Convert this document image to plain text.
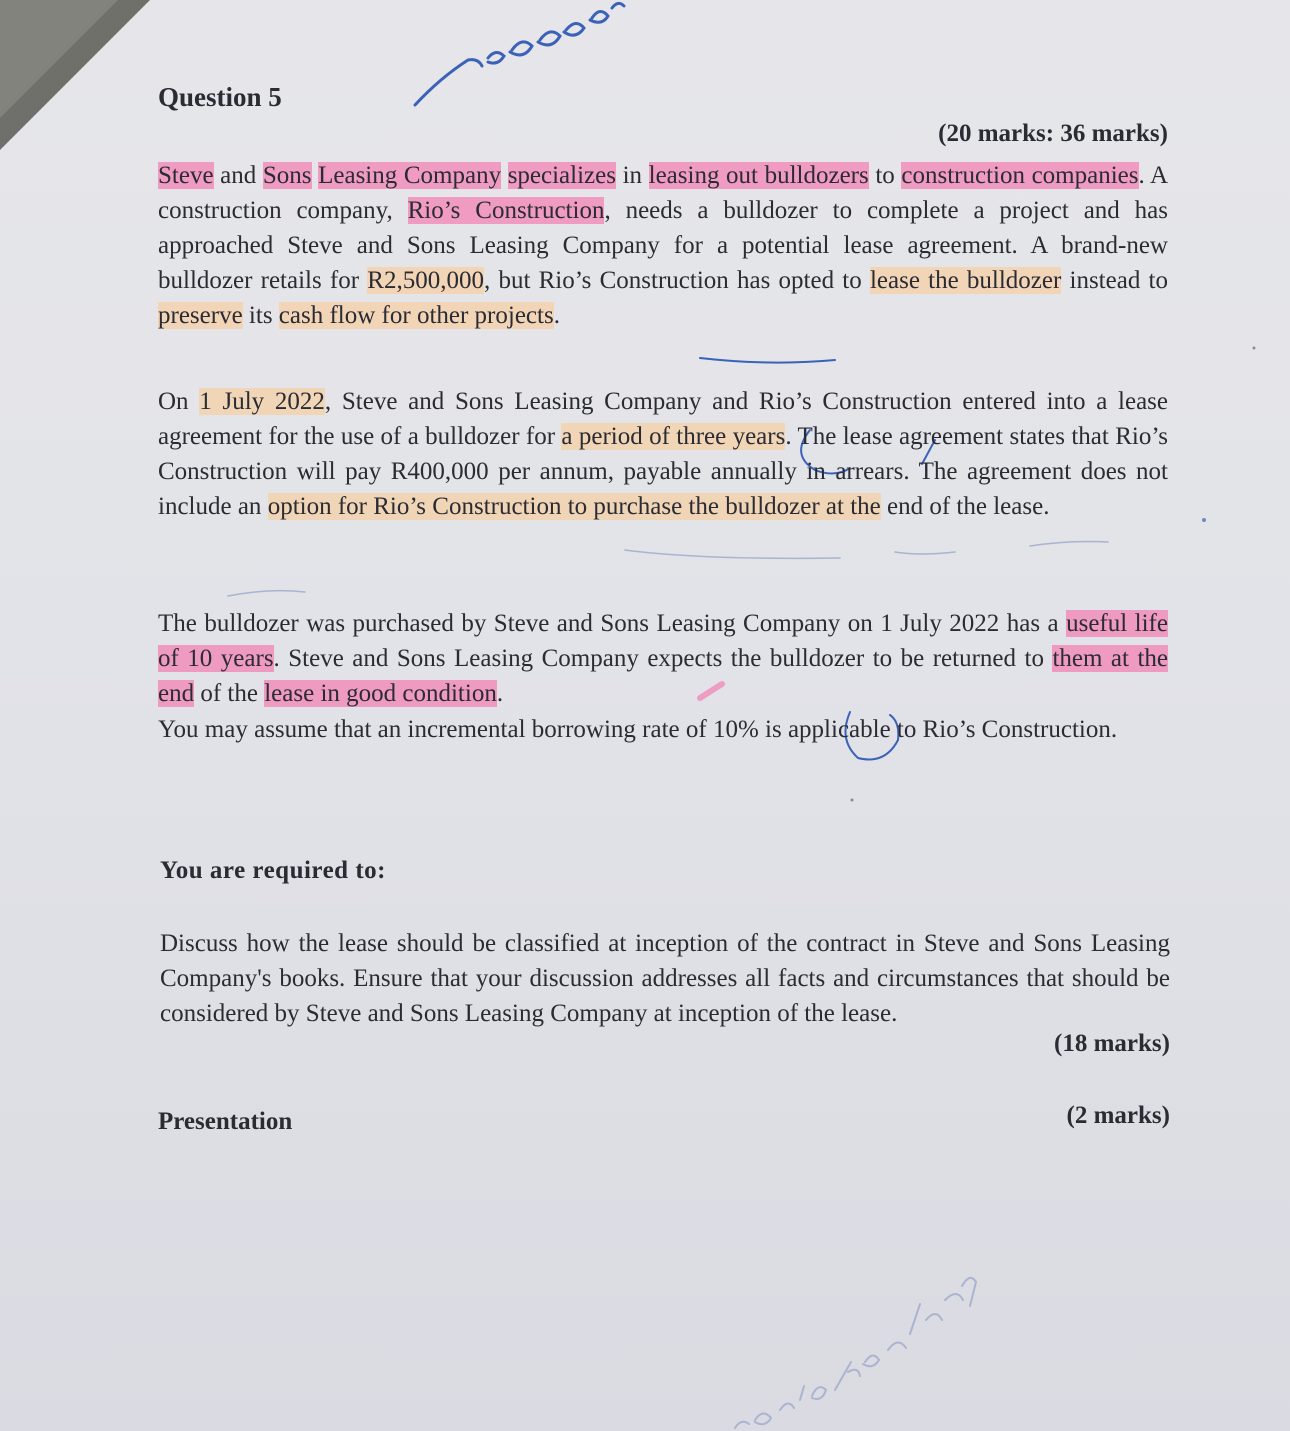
Question 5
(20 marks: 36 marks)

Steve and Sons Leasing Company specializes in leasing out bulldozers to construction companies. A construction company, Rio’s Construction, needs a bulldozer to complete a project and has approached Steve and Sons Leasing Company for a potential lease agreement. A brand-new bulldozer retails for R2,500,000, but Rio’s Construction has opted to lease the bulldozer instead to preserve its cash flow for other projects.

On 1 July 2022, Steve and Sons Leasing Company and Rio’s Construction entered into a lease agreement for the use of a bulldozer for a period of three years. The lease agreement states that Rio’s Construction will pay R400,000 per annum, payable annually in arrears. The agreement does not include an option for Rio’s Construction to purchase the bulldozer at the end of the lease.

The bulldozer was purchased by Steve and Sons Leasing Company on 1 July 2022 has a useful life of 10 years. Steve and Sons Leasing Company expects the bulldozer to be returned to them at the end of the lease in good condition.

You may assume that an incremental borrowing rate of 10% is applicable to Rio’s Construction.

You are required to:

Discuss how the lease should be classified at inception of the contract in Steve and Sons Leasing Company's books. Ensure that your discussion addresses all facts and circumstances that should be considered by Steve and Sons Leasing Company at inception of the lease.

(18 marks)
Presentation	(2 marks)
